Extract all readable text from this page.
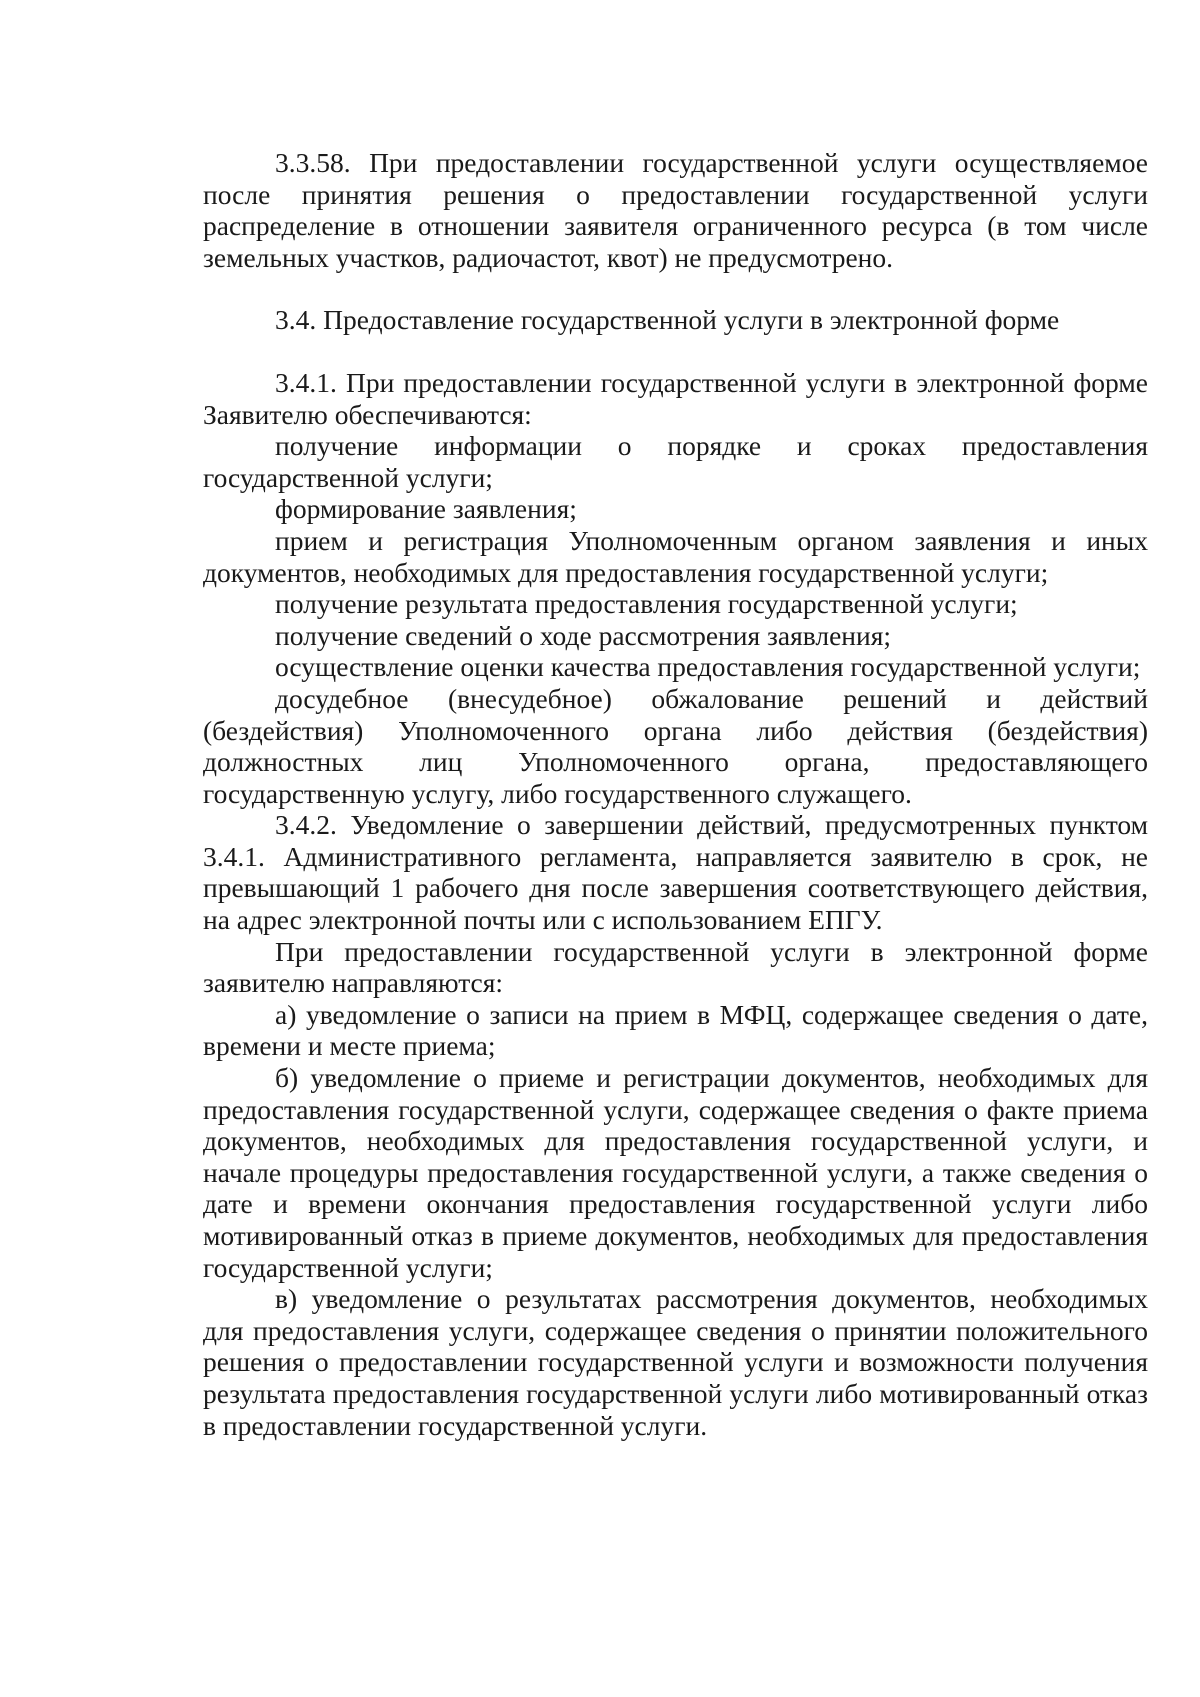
3.3.58. При предоставлении государственной услуги осуществляемое после принятия решения о предоставлении государственной услуги распределение в отношении заявителя ограниченного ресурса (в том числе земельных участков, радиочастот, квот) не предусмотрено.

3.4. Предоставление государственной услуги в электронной форме

3.4.1. При предоставлении государственной услуги в электронной форме Заявителю обеспечиваются:

получение информации о порядке и сроках предоставления государственной услуги;

формирование заявления;

прием и регистрация Уполномоченным органом заявления и иных документов, необходимых для предоставления государственной услуги;

получение результата предоставления государственной услуги;

получение сведений о ходе рассмотрения заявления;

осуществление оценки качества предоставления государственной услуги;

досудебное (внесудебное) обжалование решений и действий (бездействия) Уполномоченного органа либо действия (бездействия) должностных лиц Уполномоченного органа, предоставляющего государственную услугу, либо государственного служащего.

3.4.2. Уведомление о завершении действий, предусмотренных пунктом 3.4.1. Административного регламента, направляется заявителю в срок, не превышающий 1 рабочего дня после завершения соответствующего действия, на адрес электронной почты или с использованием ЕПГУ.

При предоставлении государственной услуги в электронной форме заявителю направляются:

а) уведомление о записи на прием в МФЦ, содержащее сведения о дате, времени и месте приема;

б) уведомление о приеме и регистрации документов, необходимых для предоставления государственной услуги, содержащее сведения о факте приема документов, необходимых для предоставления государственной услуги, и начале процедуры предоставления государственной услуги, а также сведения о дате и времени окончания предоставления государственной услуги либо мотивированный отказ в приеме документов, необходимых для предоставления государственной услуги;

в) уведомление о результатах рассмотрения документов, необходимых для предоставления услуги, содержащее сведения о принятии положительного решения о предоставлении государственной услуги и возможности получения результата предоставления государственной услуги либо мотивированный отказ в предоставлении государственной услуги.
